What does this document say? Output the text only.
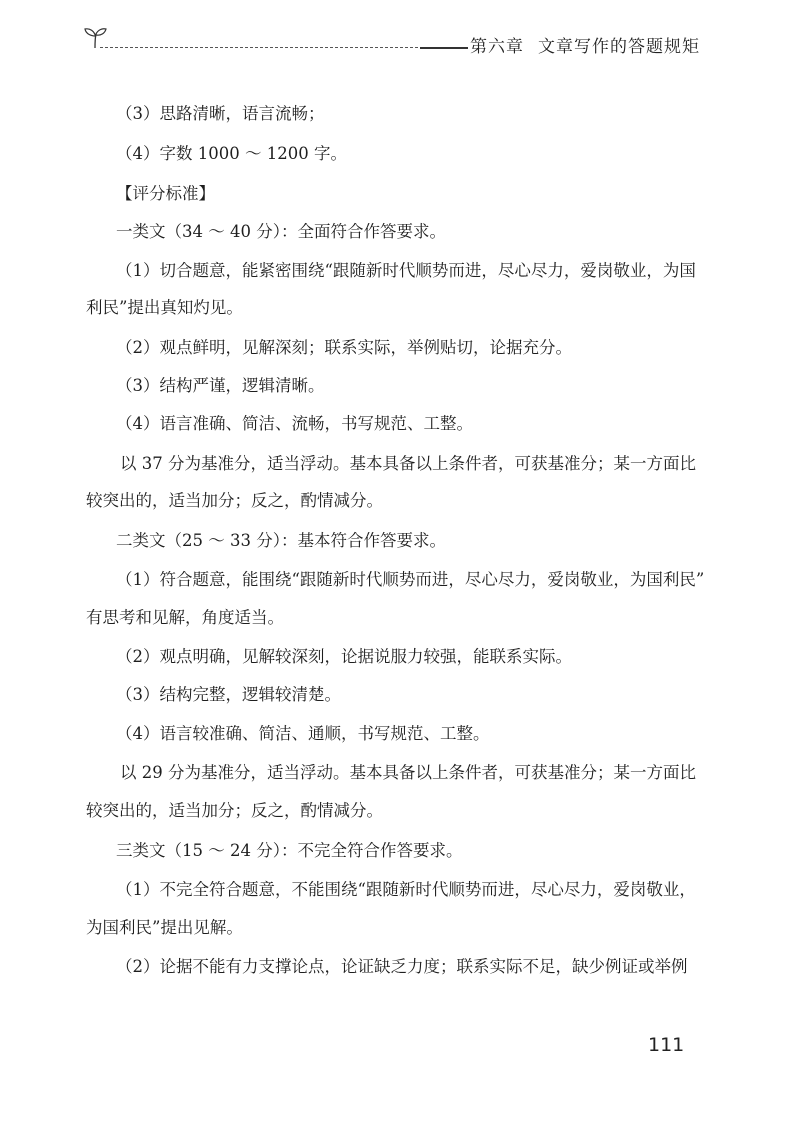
第六章 文章写作的答题规矩
（3）思路清晰，语言流畅；
（4）字数 1000 ～ 1200 字。
【评分标准】
一类文（34 ～ 40 分）：全面符合作答要求。
（1）切合题意，能紧密围绕“跟随新时代顺势而进，尽心尽力，爱岗敬业，为国
利民”提出真知灼见。
（2）观点鲜明，见解深刻；联系实际，举例贴切，论据充分。
（3）结构严谨，逻辑清晰。
（4）语言准确、简洁、流畅，书写规范、工整。
以 37 分为基准分，适当浮动。基本具备以上条件者，可获基准分；某一方面比
较突出的，适当加分；反之，酌情减分。
二类文（25 ～ 33 分）：基本符合作答要求。
（1）符合题意，能围绕“跟随新时代顺势而进，尽心尽力，爱岗敬业，为国利民”
有思考和见解，角度适当。
（2）观点明确，见解较深刻，论据说服力较强，能联系实际。
（3）结构完整，逻辑较清楚。
（4）语言较准确、简洁、通顺，书写规范、工整。
以 29 分为基准分，适当浮动。基本具备以上条件者，可获基准分；某一方面比
较突出的，适当加分；反之，酌情减分。
三类文（15 ～ 24 分）：不完全符合作答要求。
（1）不完全符合题意，不能围绕“跟随新时代顺势而进，尽心尽力，爱岗敬业，
为国利民”提出见解。
（2）论据不能有力支撑论点，论证缺乏力度；联系实际不足，缺少例证或举例
111
